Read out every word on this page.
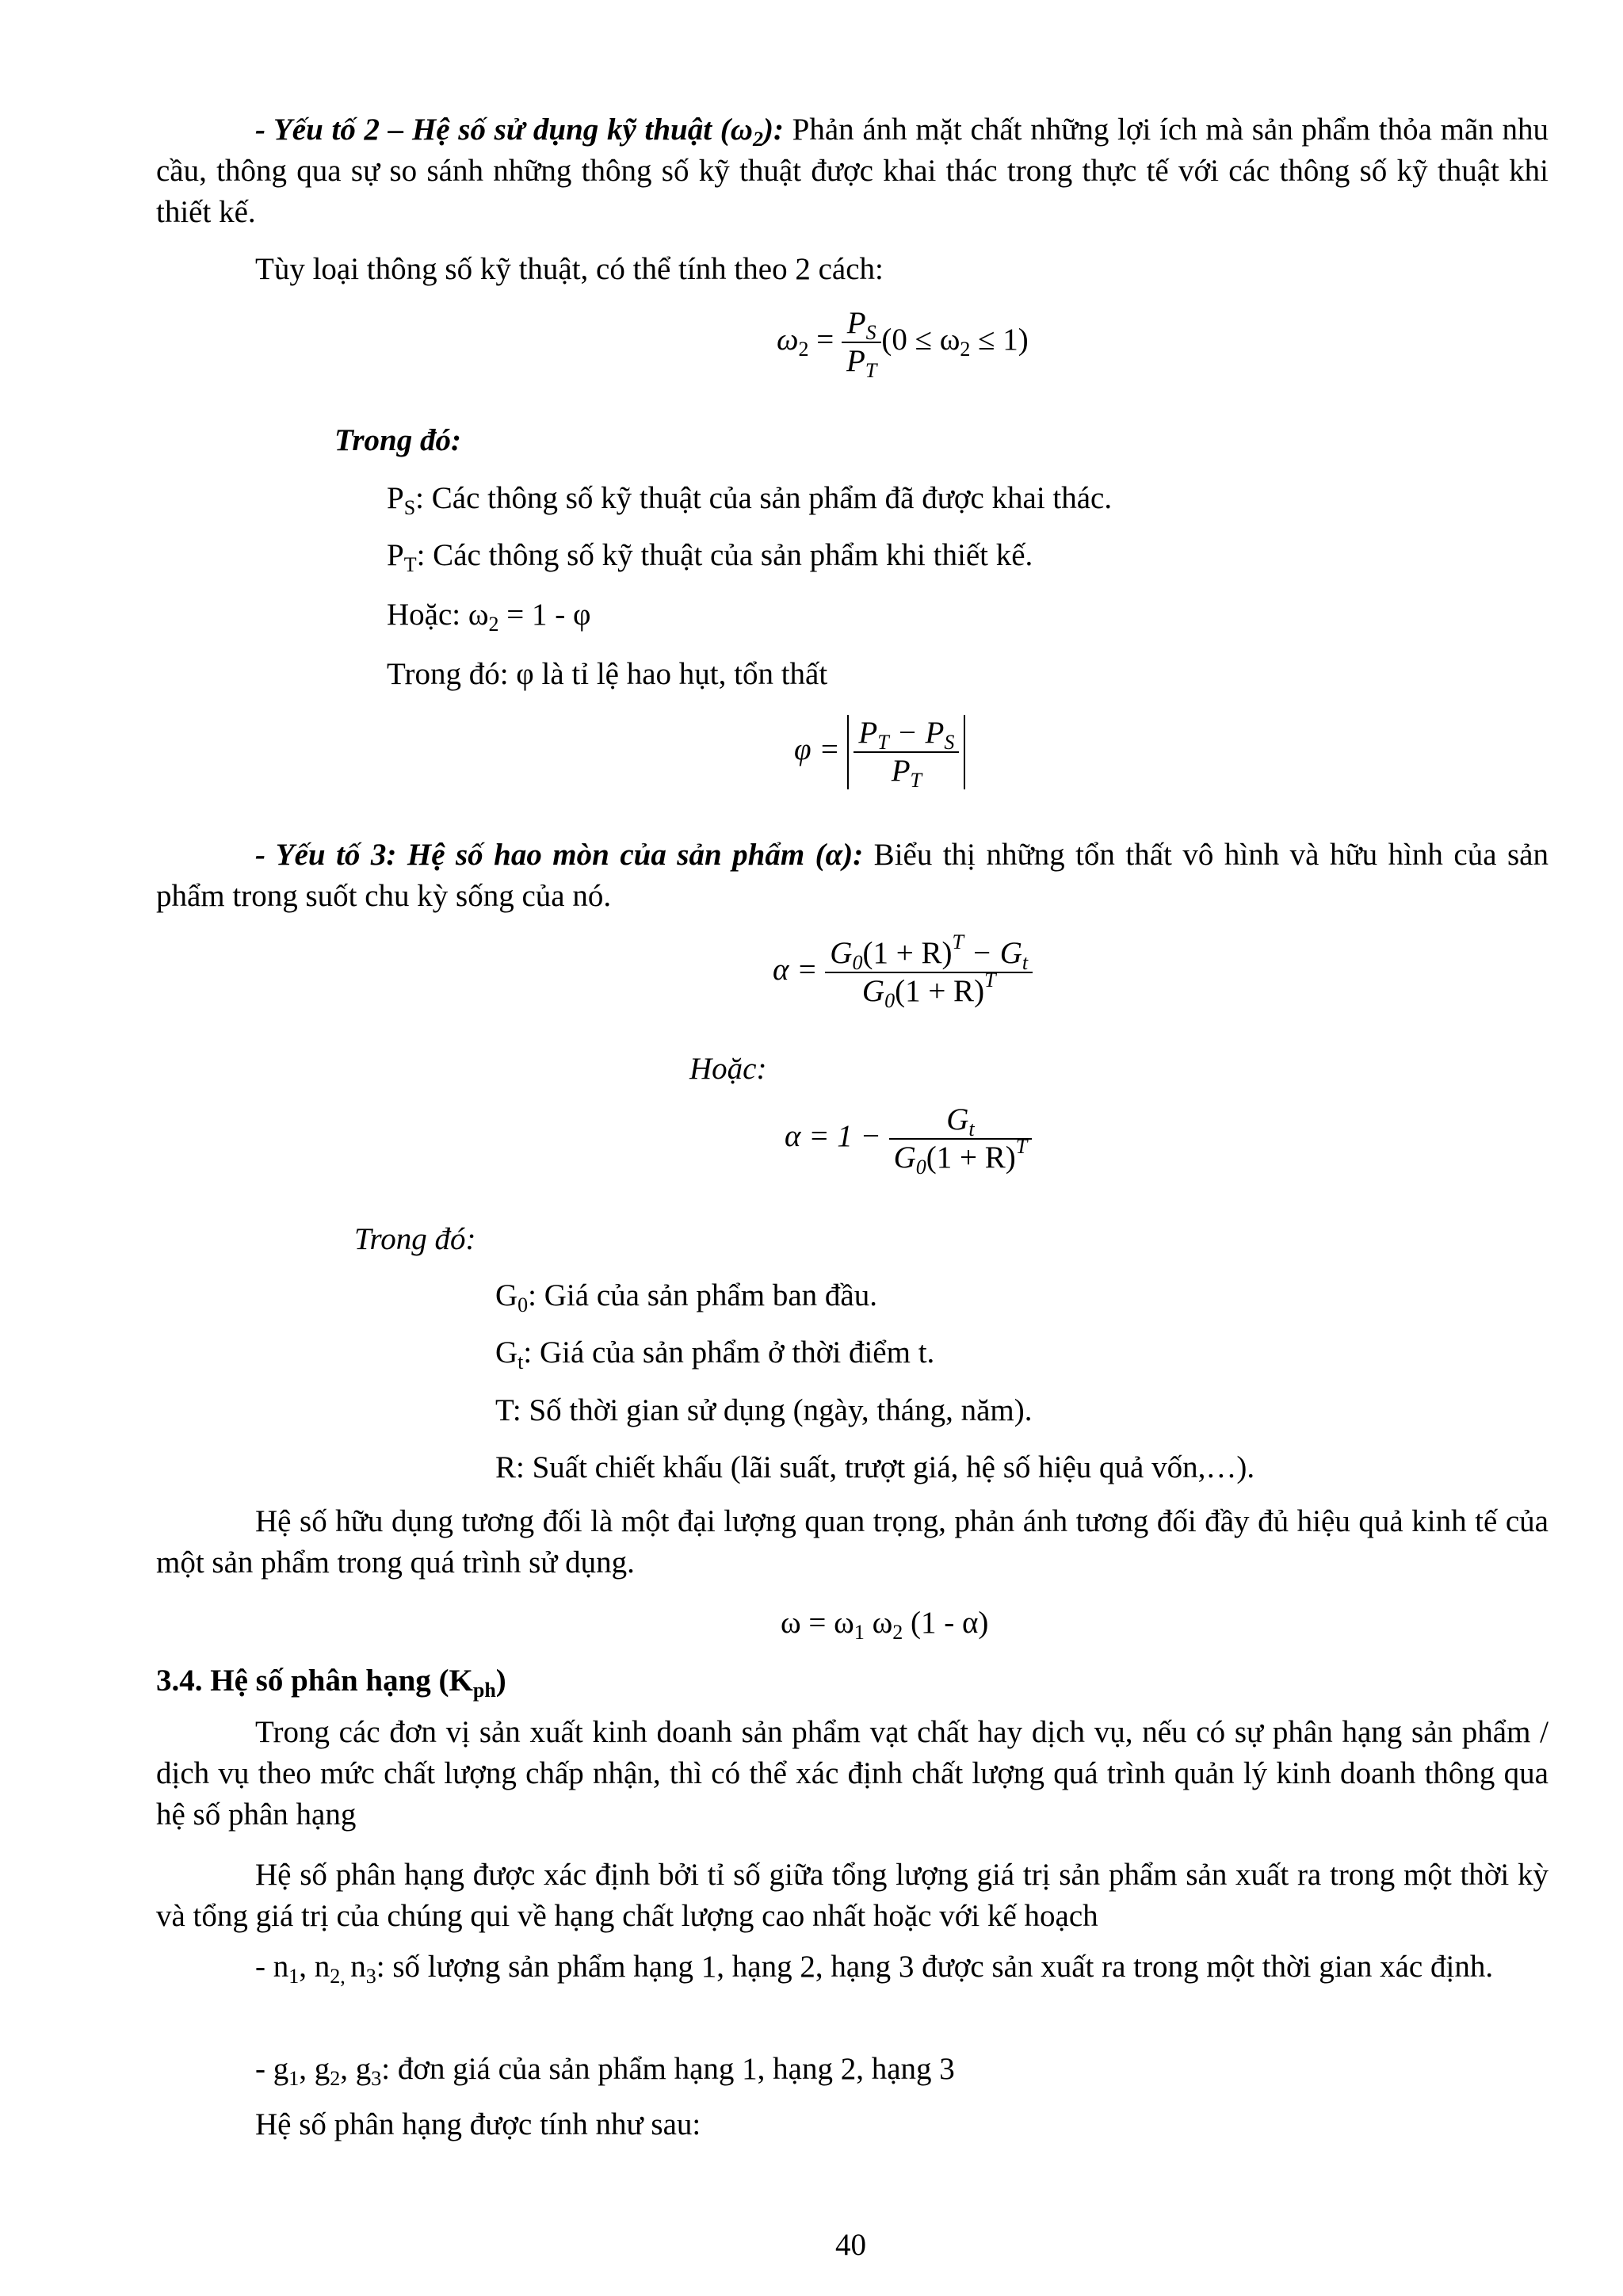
- Yếu tố 2 – Hệ số sử dụng kỹ thuật $(\omega_2)$: Phản ánh mặt chất những lợi ích mà sản phẩm thỏa mãn nhu cầu, thông qua sự so sánh những thông số kỹ thuật được khai thác trong thực tế với các thông số kỹ thuật khi thiết kế.
Tùy loại thông số kỹ thuật, có thể tính theo 2 cách:
$\omega_2 = \frac{P_S}{P_T} (0 \le \omega_2 \le 1)$
Trong đó:
$P_S$: Các thông số kỹ thuật của sản phẩm đã được khai thác.
$P_T$: Các thông số kỹ thuật của sản phẩm khi thiết kế.
Hoặc: $\omega_2 = 1 - \varphi$
Trong đó: φ là tỉ lệ hao hụt, tổn thất
$\varphi = \frac{P_T - P_S}{P_T}$
- Yếu tố 3: Hệ số hao mòn của sản phẩm (α): Biểu thị những tổn thất vô hình và hữu hình của sản phẩm trong suốt chu kỳ sống của nó.
$\alpha = \frac{G_0(1 + R)^T - G_t}{G_0(1 + R)^T}$
Hoặc:
$\alpha = 1 - \frac{G_t}{G_0(1 + R)^T}$
Trong đó:
$G_0$: Giá của sản phẩm ban đầu.
$G_t$: Giá của sản phẩm ở thời điểm t.
T: Số thời gian sử dụng (ngày, tháng, năm).
R: Suất chiết khấu (lãi suất, trượt giá, hệ số hiệu quả vốn,…).
Hệ số hữu dụng tương đối là một đại lượng quan trọng, phản ánh tương đối đầy đủ hiệu quả kinh tế của một sản phẩm trong quá trình sử dụng.
$\omega = \omega_1$ $\omega_2$ (1 - α)
3.4. Hệ số phân hạng $(K_{ph})$
Trong các đơn vị sản xuất kinh doanh sản phẩm vạt chất hay dịch vụ, nếu có sự phân hạng sản phẩm / dịch vụ theo mức chất lượng chấp nhận, thì có thể xác định chất lượng quá trình quản lý kinh doanh thông qua hệ số phân hạng
Hệ số phân hạng được xác định bởi tỉ số giữa tổng lượng giá trị sản phẩm sản xuất ra trong một thời kỳ và tổng giá trị của chúng qui về hạng chất lượng cao nhất hoặc với kế hoạch
- $n_1$, $n_{2,}$ $n_3$: số lượng sản phẩm hạng 1, hạng 2, hạng 3 được sản xuất ra trong một thời gian xác định.
- $g_1$, $g_2$, $g_3$: đơn giá của sản phẩm hạng 1, hạng 2, hạng 3
Hệ số phân hạng được tính như sau:
40
